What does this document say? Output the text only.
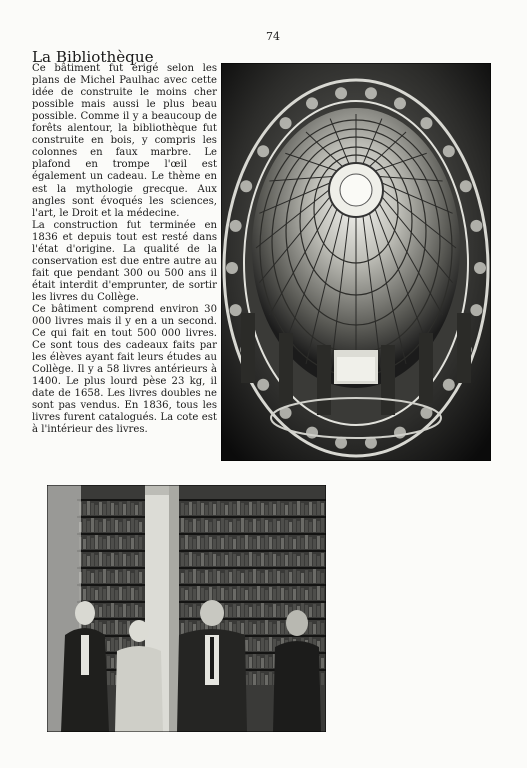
74
La Bibliothèque

Ce bâtiment fut érigé selon les plans de Michel Paulhac avec cette idée de construite le moins cher possible mais aussi le plus beau possible. Comme il y a beaucoup de forêts alentour, la bibliothèque fut construite en bois, y compris les colonnes en faux marbre. Le plafond en trompe l'œil est également un cadeau. Le thème en est la mythologie grecque. Aux angles sont évoqués les sciences, l'art, le Droit et la médecine.

La construction fut terminée en 1836 et depuis tout est resté dans l'état d'origine. La qualité de la conservation est due entre autre au fait que pendant 300 ou 500 ans il était interdit d'emprunter, de sortir les livres du Collège.

Ce bâtiment comprend environ 30 000 livres mais il y en a un second. Ce qui fait en tout 500 000 livres. Ce sont tous des cadeaux faits par les élèves ayant fait leurs études au Collège. Il y a 58 livres antérieurs à 1400. Le plus lourd pèse 23 kg, il date de 1658. Les livres doubles ne sont pas vendus. En 1836, tous les livres furent catalogués. La cote est à l'intérieur des livres.
